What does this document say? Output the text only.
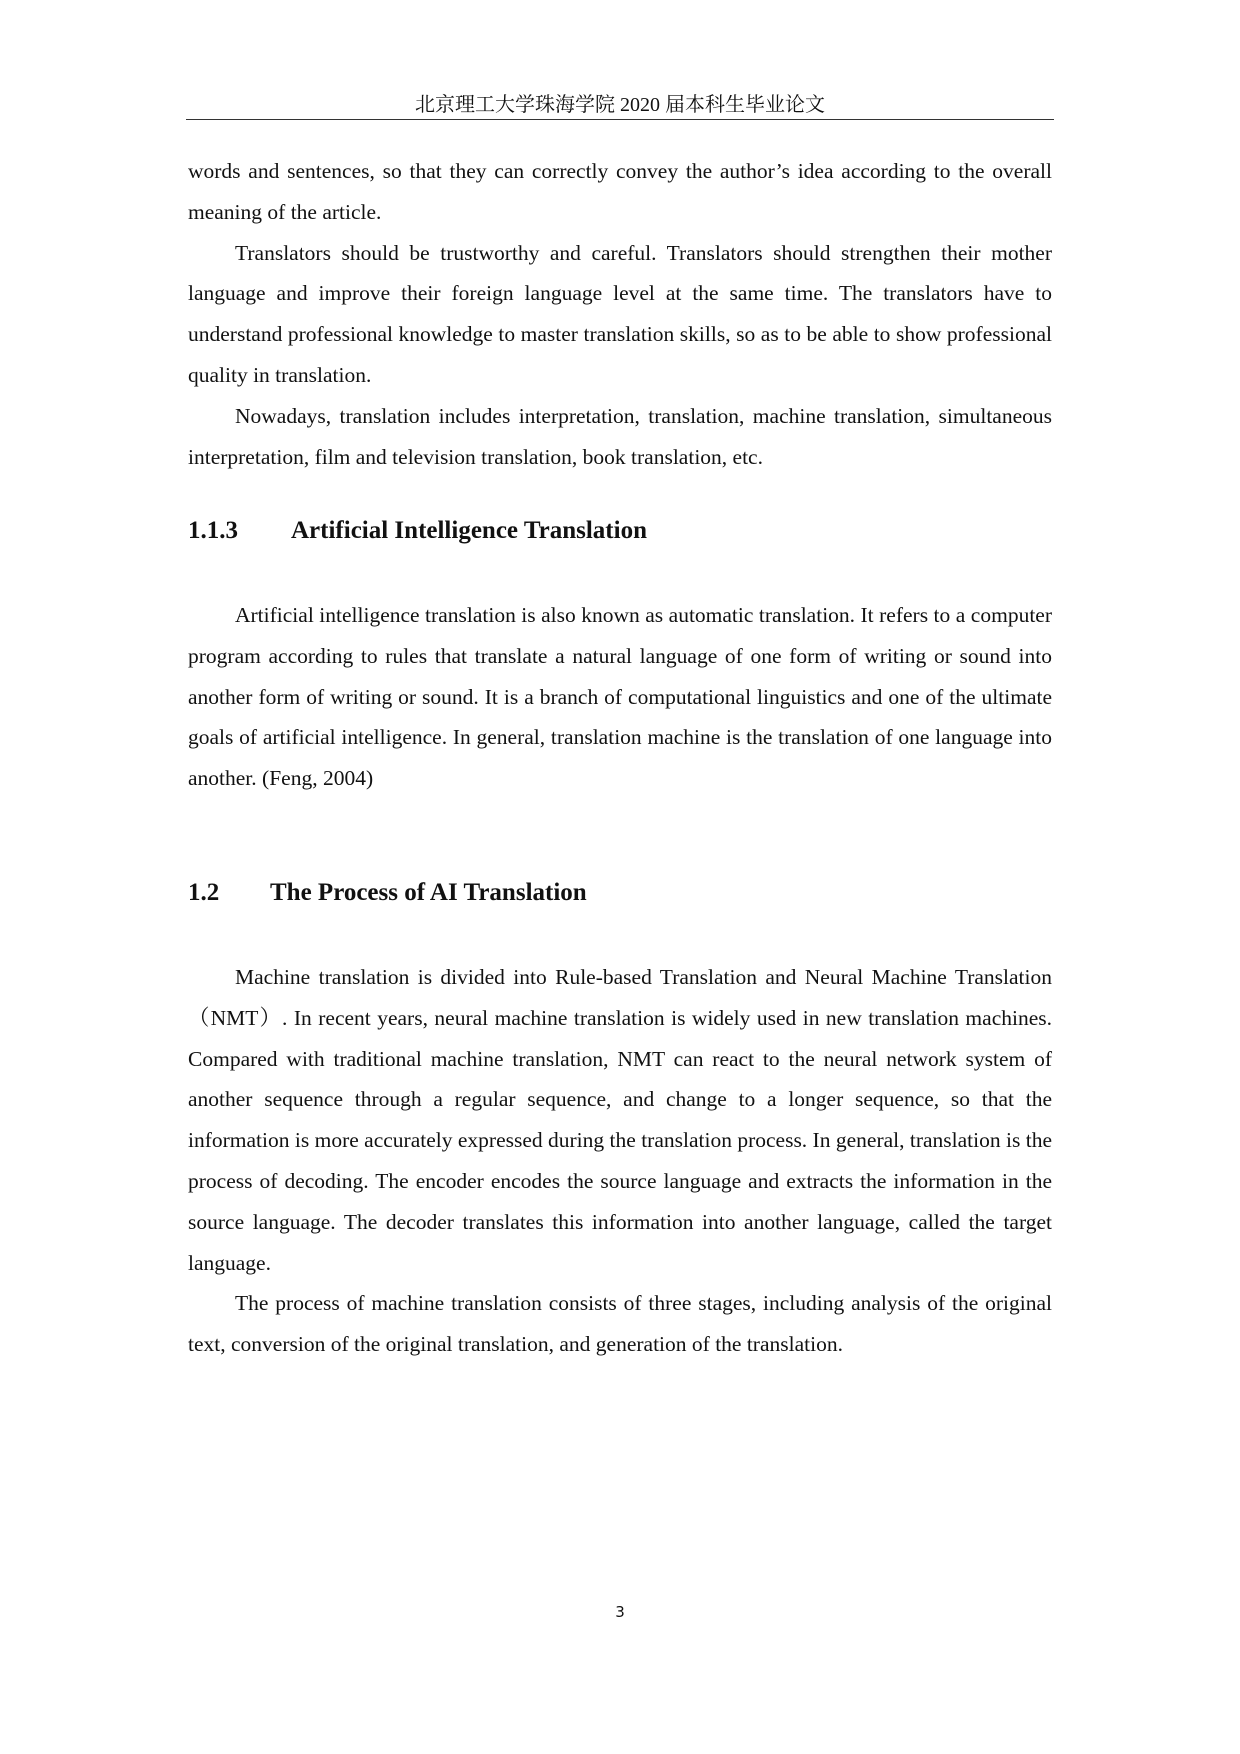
北京理工大学珠海学院 2020 届本科生毕业论文

words and sentences, so that they can correctly convey the author’s idea according to the overall meaning of the article.

Translators should be trustworthy and careful. Translators should strengthen their mother language and improve their foreign language level at the same time. The translators have to understand professional knowledge to master translation skills, so as to be able to show professional quality in translation.

Nowadays, translation includes interpretation, translation, machine translation, simultaneous interpretation, film and television translation, book translation, etc.

1.1.3 Artificial Intelligence Translation

Artificial intelligence translation is also known as automatic translation. It refers to a computer program according to rules that translate a natural language of one form of writing or sound into another form of writing or sound. It is a branch of computational linguistics and one of the ultimate goals of artificial intelligence. In general, translation machine is the translation of one language into another. (Feng, 2004)

1.2 The Process of AI Translation

Machine translation is divided into Rule-based Translation and Neural Machine Translation（NMT）. In recent years, neural machine translation is widely used in new translation machines. Compared with traditional machine translation, NMT can react to the neural network system of another sequence through a regular sequence, and change to a longer sequence, so that the information is more accurately expressed during the translation process. In general, translation is the process of decoding. The encoder encodes the source language and extracts the information in the source language. The decoder translates this information into another language, called the target language.

The process of machine translation consists of three stages, including analysis of the original text, conversion of the original translation, and generation of the translation.

3
